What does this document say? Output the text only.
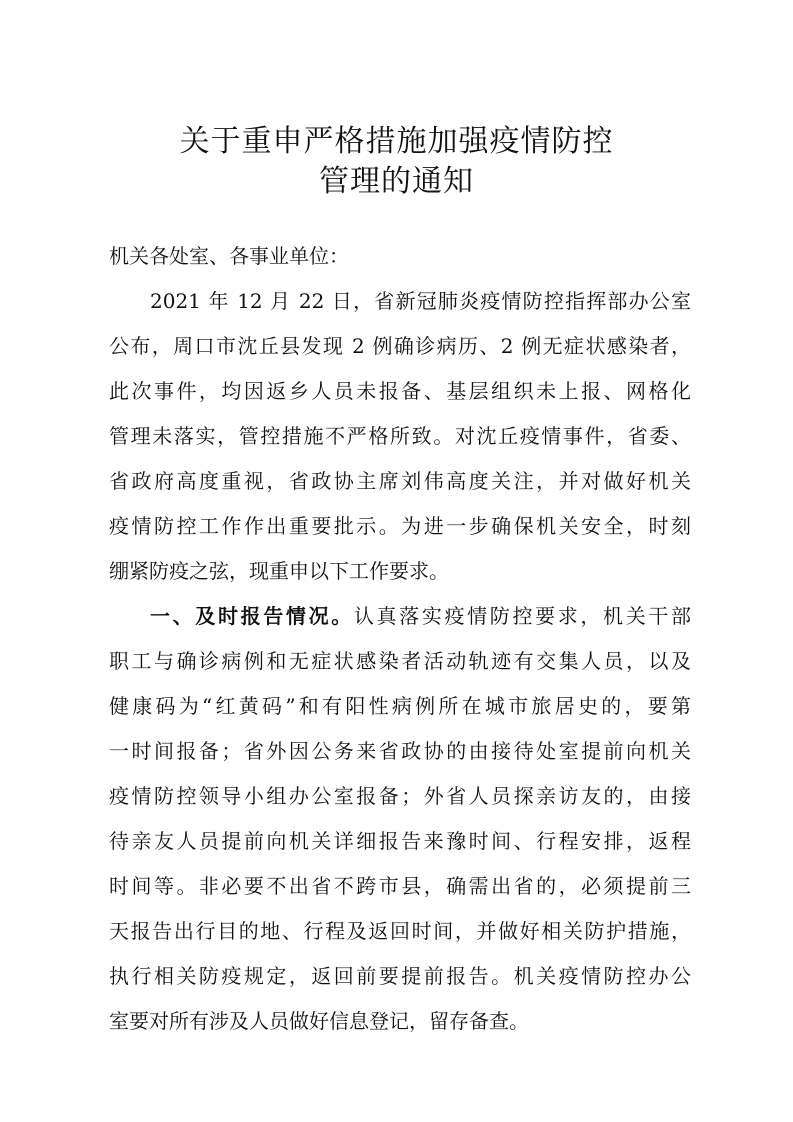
关于重申严格措施加强疫情防控
管理的通知
机关各处室、各事业单位：
2021 年 12 月 22 日，省新冠肺炎疫情防控指挥部办公室
公布，周口市沈丘县发现 2 例确诊病历、2 例无症状感染者，
此次事件，均因返乡人员未报备、基层组织未上报、网格化
管理未落实，管控措施不严格所致。对沈丘疫情事件，省委、
省政府高度重视，省政协主席刘伟高度关注，并对做好机关
疫情防控工作作出重要批示。为进一步确保机关安全，时刻
绷紧防疫之弦，现重申以下工作要求。
一、及时报告情况。认真落实疫情防控要求，机关干部
职工与确诊病例和无症状感染者活动轨迹有交集人员，以及
健康码为“红黄码”和有阳性病例所在城市旅居史的，要第
一时间报备；省外因公务来省政协的由接待处室提前向机关
疫情防控领导小组办公室报备；外省人员探亲访友的，由接
待亲友人员提前向机关详细报告来豫时间、行程安排，返程
时间等。非必要不出省不跨市县，确需出省的，必须提前三
天报告出行目的地、行程及返回时间，并做好相关防护措施，
执行相关防疫规定，返回前要提前报告。机关疫情防控办公
室要对所有涉及人员做好信息登记，留存备查。
